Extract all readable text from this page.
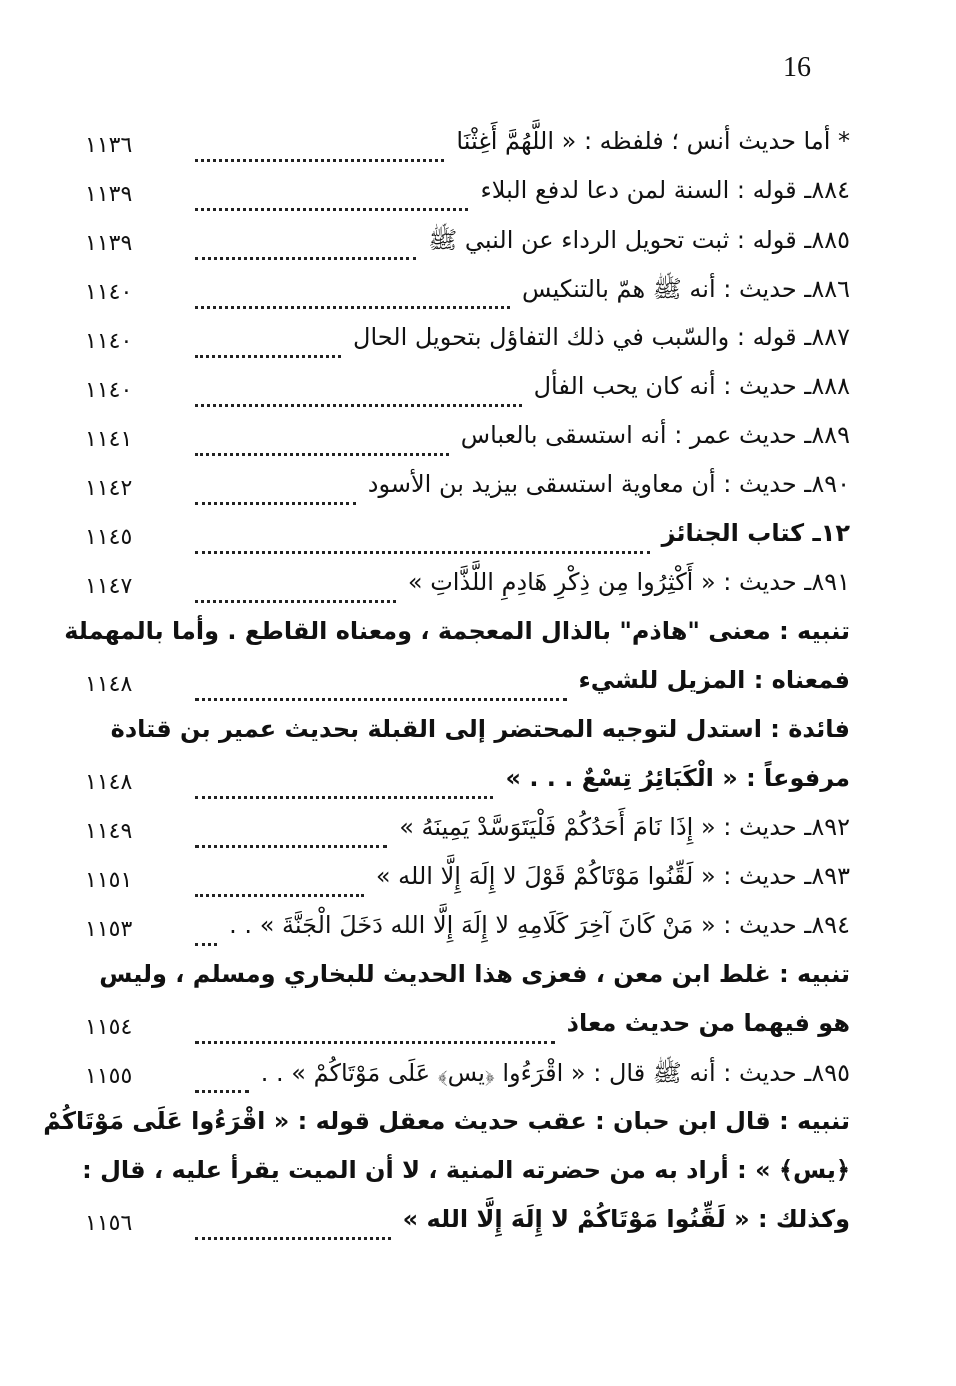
16
* أما حديث أنس ؛ فلفظه : « اللَّهُمَّ أَغِثْنَا
١١٣٦
٨٨٤ـ قوله : السنة لمن دعا لدفع البلاء
١١٣٩
٨٨٥ـ قوله : ثبت تحويل الرداء عن النبي ﷺ
١١٣٩
٨٨٦ـ حديث : أنه ﷺ همّ بالتنكيس
١١٤٠
٨٨٧ـ قوله : والسّبب في ذلك التفاؤل بتحويل الحال
١١٤٠
٨٨٨ـ حديث : أنه كان يحب الفأل
١١٤٠
٨٨٩ـ حديث عمر : أنه استسقى بالعباس
١١٤١
٨٩٠ـ حديث : أن معاوية استسقى بيزيد بن الأسود
١١٤٢
١٢ـ كتاب الجنائز
١١٤٥
٨٩١ـ حديث : « أَكْثِرُوا مِن ذِكْرِ هَادِمِ اللَّذَّاتِ »
١١٤٧
تنبيه : معنى "هاذم" بالذال المعجمة ، ومعناه القاطع . وأما بالمهملة
فمعناه : المزيل للشيء
١١٤٨
فائدة : استدل لتوجيه المحتضر إلى القبلة بحديث عمير بن قتادة
مرفوعاً : « الْكَبَائِرُ تِسْعٌ . . . »
١١٤٨
٨٩٢ـ حديث : « إِذَا نَامَ أَحَدُكُمْ فَلْيَتَوَسَّدْ يَمِينَهُ »
١١٤٩
٨٩٣ـ حديث : « لَقِّنُوا مَوْتَاكُمْ قَوْلَ لا إِلَهَ إِلَّا الله »
١١٥١
٨٩٤ـ حديث : « مَنْ كَانَ آخِرَ كَلَامِهِ لا إِلَهَ إِلَّا الله دَخَلَ الْجَنَّةَ » . .
١١٥٣
تنبيه : غلط ابن معن ، فعزى هذا الحديث للبخاري ومسلم ، وليس
هو فيهما من حديث معاذ
١١٥٤
٨٩٥ـ حديث : أنه ﷺ قال : « اقْرَءُوا ﴿يس﴾ عَلَى مَوْتَاكُمْ » . .
١١٥٥
تنبيه : قال ابن حبان : عقب حديث معقل قوله : « اقْرَءُوا عَلَى مَوْتَاكُمْ
﴿يس﴾ » : أراد به من حضرته المنية ، لا أن الميت يقرأ عليه ، قال :
وكذلك : « لَقِّنُوا مَوْتَاكُمْ لا إِلَهَ إِلَّا الله »
١١٥٦
